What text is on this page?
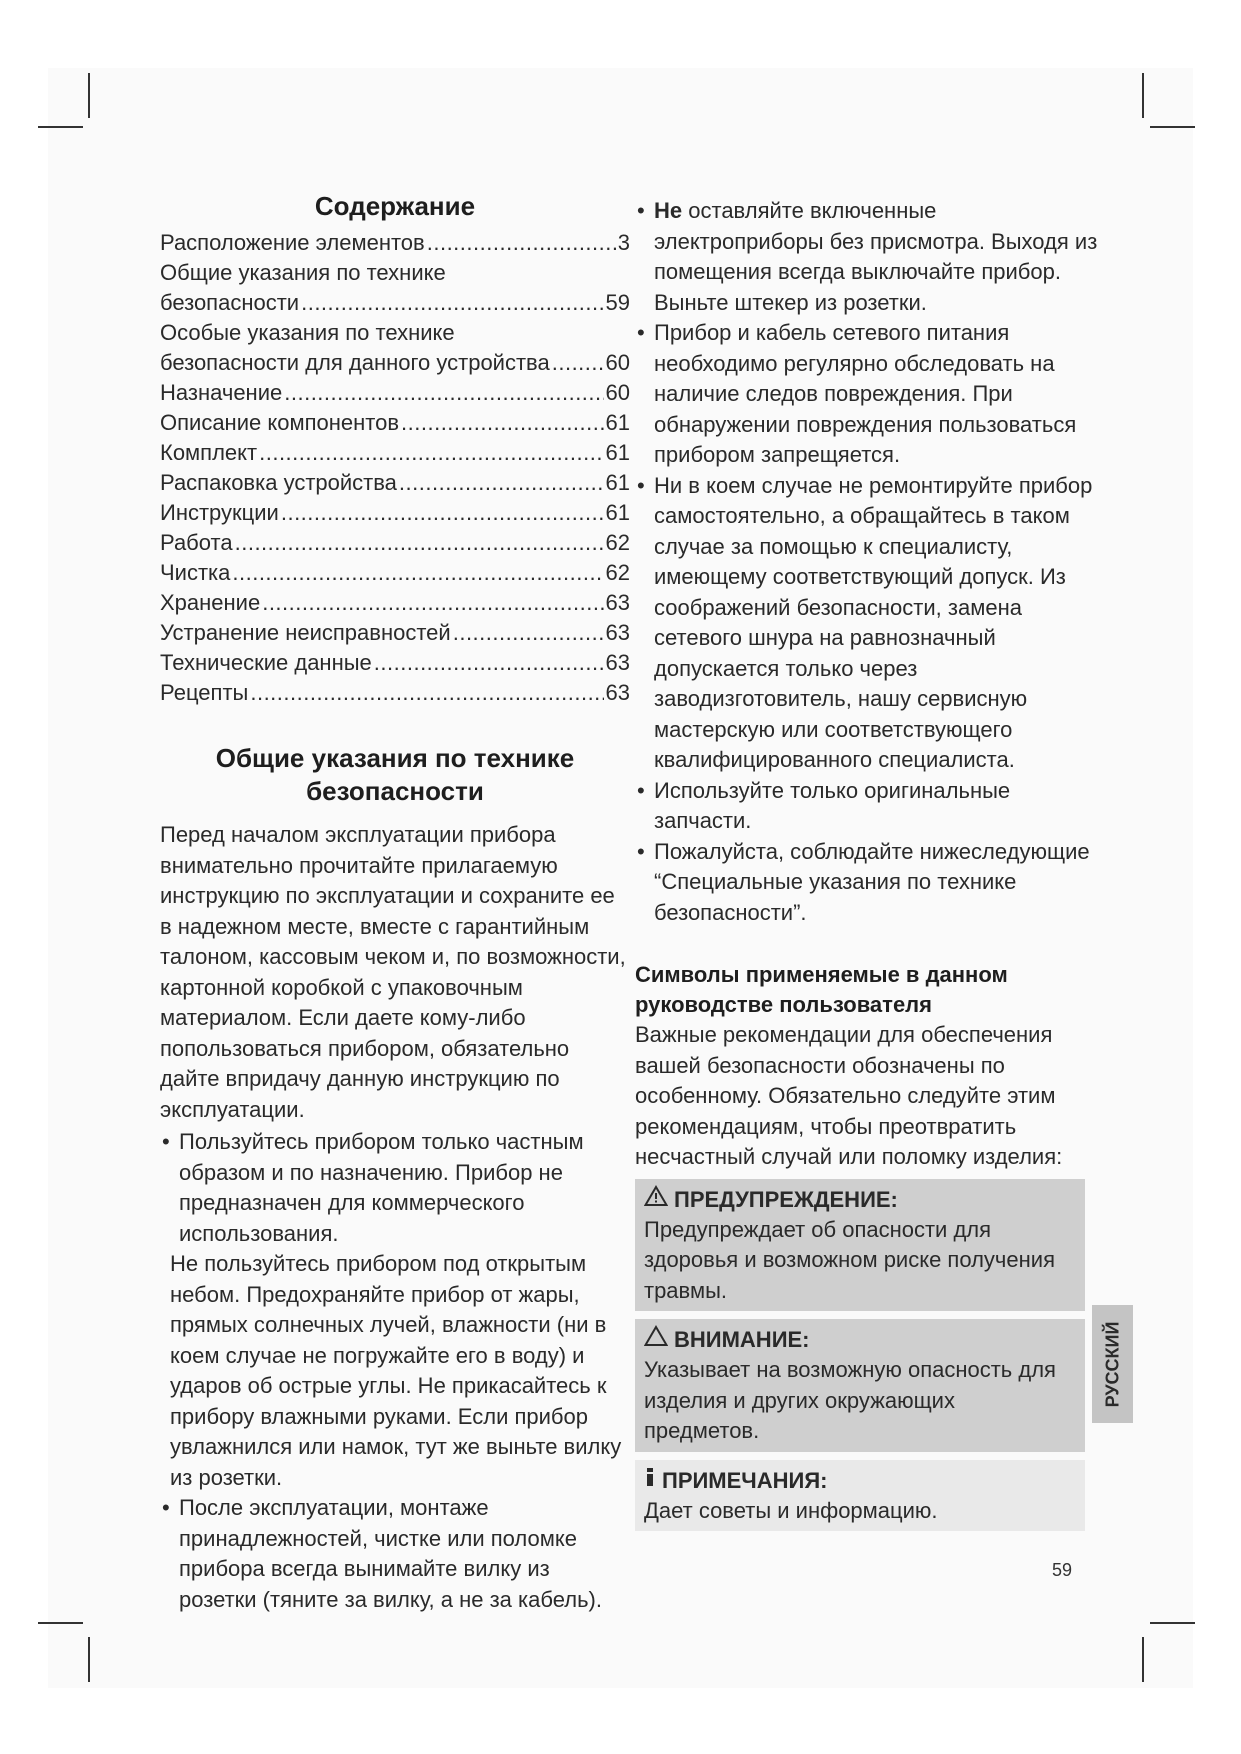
Содержание
Расположение элементов .....	3
Общие указания по технике
безопасности .....	59
Особые указания по технике
безопасности для данного устройства .....	60
Назначение .....	60
Описание компонентов .....	61
Комплект .....	61
Распаковка устройства .....	61
Инструкции .....	61
Работа .....	62
Чистка .....	62
Хранение .....	63
Устранение неисправностей .....	63
Технические данные .....	63
Рецепты .....	63
Общие указания по технике безопасности

Перед началом эксплуатации прибора внимательно прочитайте прилагаемую инструкцию по эксплуатации и сохраните ее в надежном месте, вместе с гарантийным талоном, кассовым чеком и, по возможности, картонной коробкой с упаковочным материалом. Если даете кому-либо попользоваться прибором, обязательно дайте впридачу данную инструкцию по эксплуатации.

• Пользуйтесь прибором только частным образом и по назначению. Прибор не предназначен для коммерческого использования.
Не пользуйтесь прибором под открытым небом. Предохраняйте прибор от жары, прямых солнечных лучей, влажности (ни в коем случае не погружайте его в воду) и ударов об острые углы. Не прикасайтесь к прибору влажными руками. Если прибор увлажнился или намок, тут же выньте вилку из розетки.
• После эксплуатации, монтаже принадлежностей, чистке или поломке прибора всегда вынимайте вилку из розетки (тяните за вилку, а не за кабель).
• Не оставляйте включенные электроприборы без присмотра. Выходя из помещения всегда выключайте прибор. Выньте штекер из розетки.
• Прибор и кабель сетевого питания необходимо регулярно обследовать на наличие следов повреждения. При обнаружении повреждения пользоваться прибором запрещяется.
• Ни в коем случае не ремонтируйте прибор самостоятельно, а обращайтесь в таком случае за помощью к специалисту, имеющему соответствующий допуск. Из соображений безопасности, замена сетевого шнура на равнозначный допускается только через заводизготовитель, нашу сервисную мастерскую или соответствующего квалифицированного специалиста.
• Используйте только оригинальные запчасти.
• Пожалуйста, соблюдайте нижеследующие “Специальные указания по технике безопасности”.
Символы применяемые в данном руководстве пользователя

Важные рекомендации для обеспечения вашей безопасности обозначены по особенному. Обязательно следуйте этим рекомендациям, чтобы преотвратить несчастный случай или поломку изделия:

ПРЕДУПРЕЖДЕНИЕ:
Предупреждает об опасности для здоровья и возможном риске получения травмы.
ВНИМАНИЕ:
Указывает на возможную опасность для изделия и других окружающих предметов.
ПРИМЕЧАНИЯ:
Дает советы и информацию.
РУССКИЙ
59
